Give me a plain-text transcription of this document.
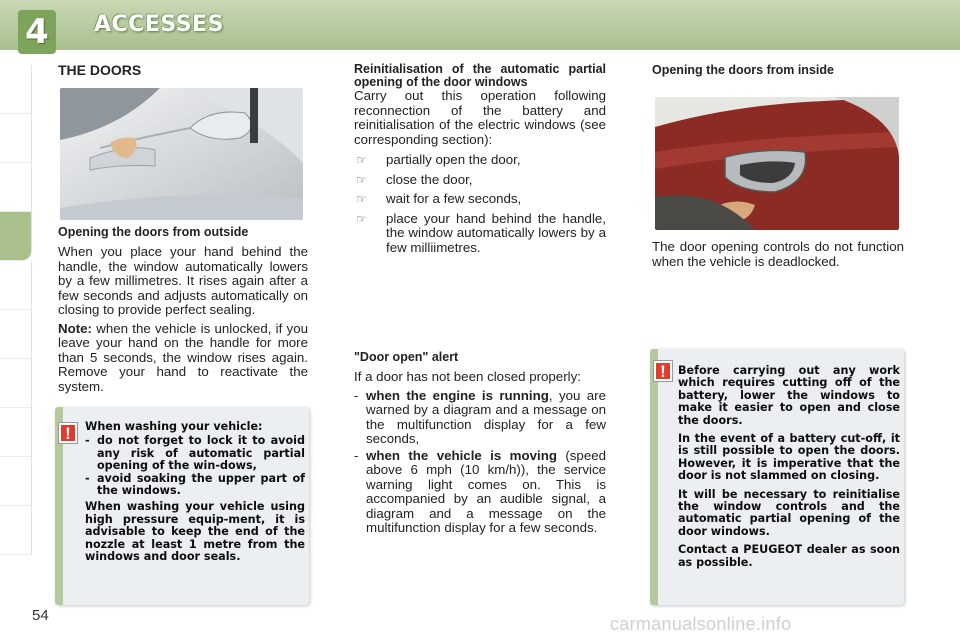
4	ACCESSES
THE DOORS

Opening the doors from outside

When you place your hand behind the handle, the window automatically lowers by a few millimetres. It rises again after a few seconds and adjusts automatically on closing to provide perfect sealing.

Note: when the vehicle is unlocked, if you leave your hand on the handle for more than 5 seconds, the window rises again. Remove your hand to reactivate the system.

!	When washing your vehicle:
- do not forget to lock it to avoid any risk of automatic partial opening of the win-dows,
- avoid soaking the upper part of the windows.
When washing your vehicle using high pressure equip-ment, it is advisable to keep the end of the nozzle at least 1 metre from the windows and door seals.

Reinitialisation of the automatic partial opening of the door windows

Carry out this operation following reconnection of the battery and reinitialisation of the electric windows (see corresponding section):

☞ partially open the door,
☞ close the door,
☞ wait for a few seconds,
☞ place your hand behind the handle, the window automatically lowers by a few milliimetres.

"Door open" alert

If a door has not been closed properly:

- when the engine is running, you are warned by a diagram and a message on the multifunction display for a few seconds,
- when the vehicle is moving (speed above 6 mph (10 km/h)), the service warning light comes on. This is accompanied by an audible signal, a diagram and a message on the multifunction display for a few seconds.
Opening the doors from inside
The door opening controls do not function when the vehicle is deadlocked.
!	Before carrying out any work which requires cutting off of the battery, lower the windows to make it easier to open and close the doors.
In the event of a battery cut-off, it is still possible to open the doors. However, it is imperative that the door is not slammed on closing.
It will be necessary to reinitialise the window controls and the automatic partial opening of the door windows.
Contact a PEUGEOT dealer as soon as possible.
54	carmanualsonline.info
